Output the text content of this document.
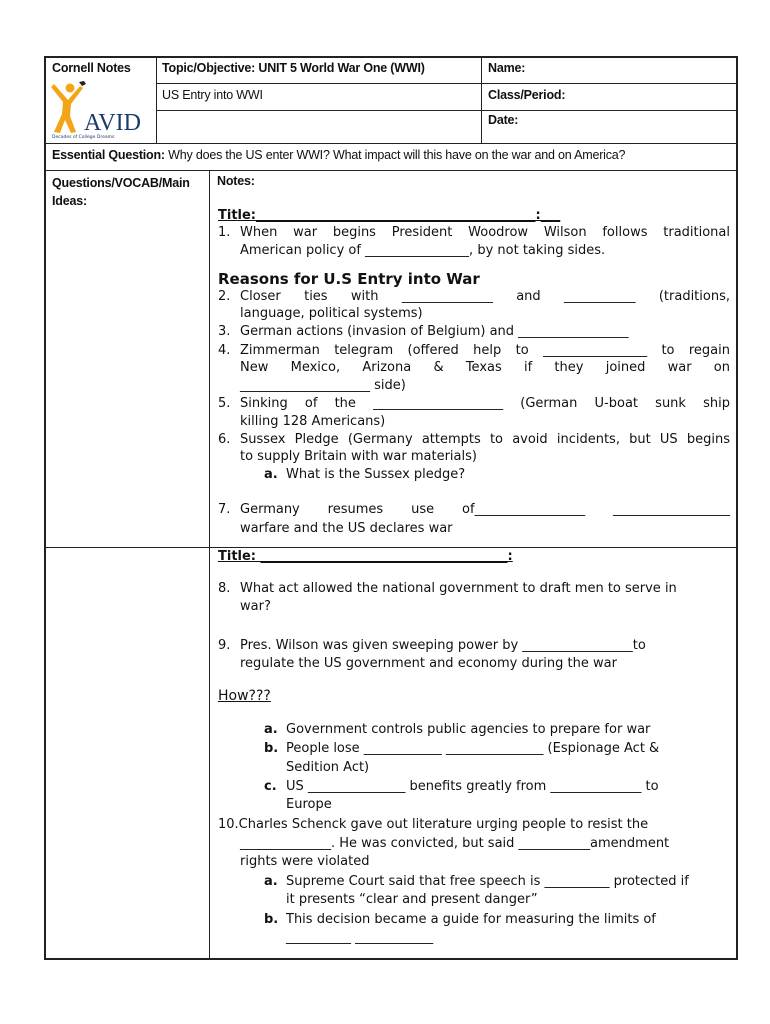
Cornell Notes
AVID
Decades of College Dreams
Topic/Objective: UNIT 5 World War One (WWI)
US Entry into WWI
Name:
Class/Period:
Date:
Essential Question: Why does the US enter WWI? What impact will this have on the war and on America?
Questions/VOCAB/Main
Ideas:
Notes:
Title:___________________________________________:___
1. When war begins President Woodrow Wilson follows traditional
American policy of ________________, by not taking sides.
Reasons for U.S Entry into War
2. Closer ties with ______________ and ___________ (traditions,
language, political systems)
3. German actions (invasion of Belgium) and _________________
4. Zimmerman telegram (offered help to ________________ to regain
New Mexico, Arizona & Texas if they joined war on
____________________ side)
5. Sinking of the ____________________ (German U-boat sunk ship
killing 128 Americans)
6. Sussex Pledge (Germany attempts to avoid incidents, but US begins
to supply Britain with war materials)
a. What is the Sussex pledge?
7. Germany resumes use of_________________ __________________
warfare and the US declares war
Title: ______________________________________:
8. What act allowed the national government to draft men to serve in
war?
9. Pres. Wilson was given sweeping power by _________________to
regulate the US government and economy during the war
How???
a. Government controls public agencies to prepare for war
b. People lose ____________ _______________ (Espionage Act &
Sedition Act)
c. US _______________ benefits greatly from ______________ to
Europe
10.Charles Schenck gave out literature urging people to resist the
______________. He was convicted, but said ___________amendment
rights were violated
a. Supreme Court said that free speech is __________ protected if
it presents “clear and present danger”
b. This decision became a guide for measuring the limits of
__________ ____________
